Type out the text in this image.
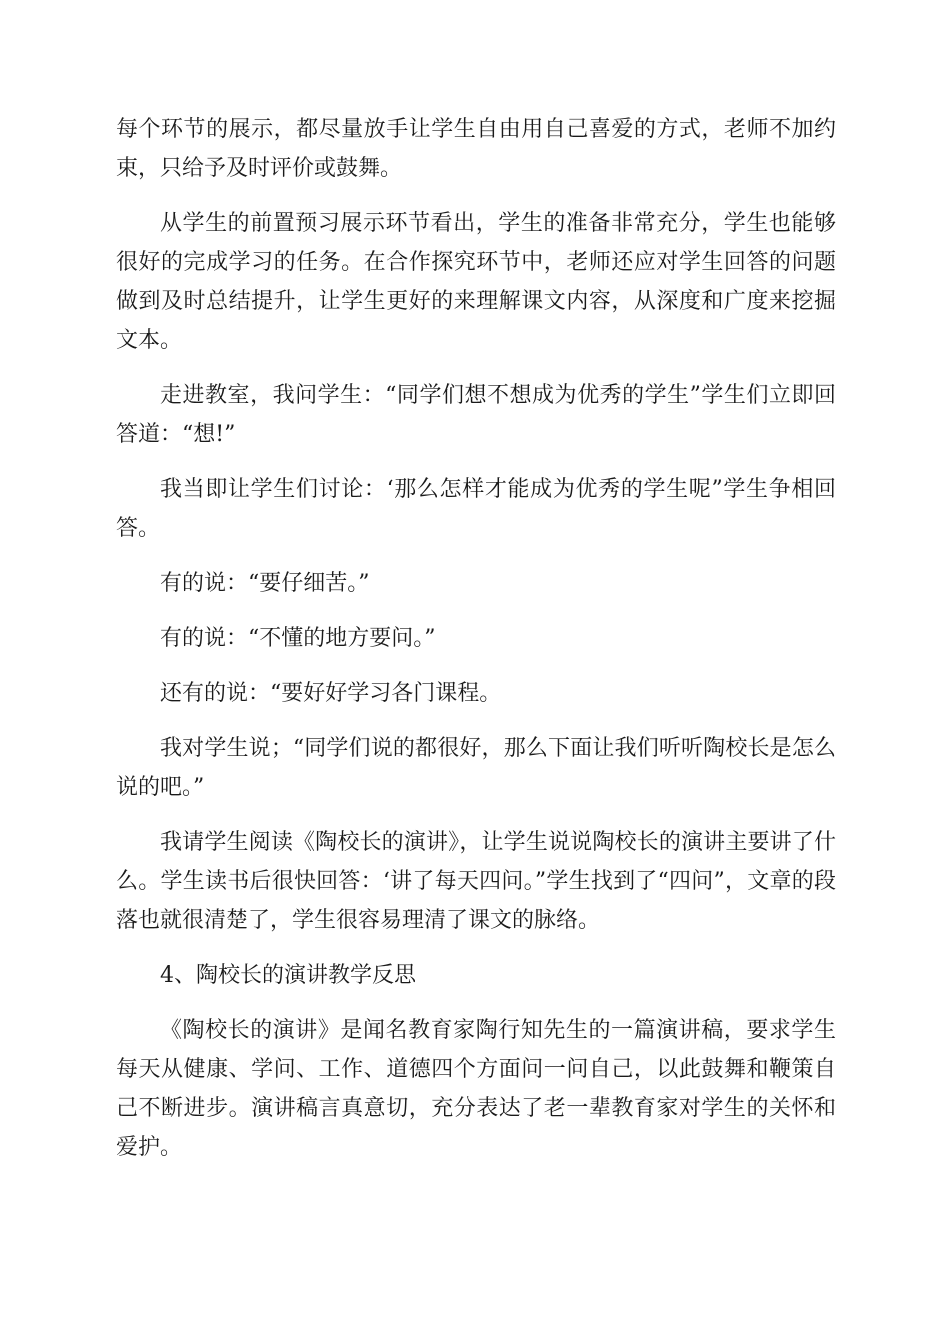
每个环节的展示，都尽量放手让学生自由用自己喜爱的方式，老师不加约束，只给予及时评价或鼓舞。

从学生的前置预习展示环节看出，学生的准备非常充分，学生也能够很好的完成学习的任务。在合作探究环节中，老师还应对学生回答的问题做到及时总结提升，让学生更好的来理解课文内容，从深度和广度来挖掘文本。

走进教室，我问学生：“同学们想不想成为优秀的学生”学生们立即回答道：“想!”

我当即让学生们讨论：‘那么怎样才能成为优秀的学生呢”学生争相回答。

有的说：“要仔细苦。”

有的说：“不懂的地方要问。”

还有的说：“要好好学习各门课程。

我对学生说；“同学们说的都很好，那么下面让我们听听陶校长是怎么说的吧。”

我请学生阅读《陶校长的演讲》，让学生说说陶校长的演讲主要讲了什么。学生读书后很快回答：‘讲了每天四问。”学生找到了“四问”，文章的段落也就很清楚了，学生很容易理清了课文的脉络。

4、陶校长的演讲教学反思

《陶校长的演讲》是闻名教育家陶行知先生的一篇演讲稿，要求学生每天从健康、学问、工作、道德四个方面问一问自己，以此鼓舞和鞭策自己不断进步。演讲稿言真意切，充分表达了老一辈教育家对学生的关怀和爱护。
